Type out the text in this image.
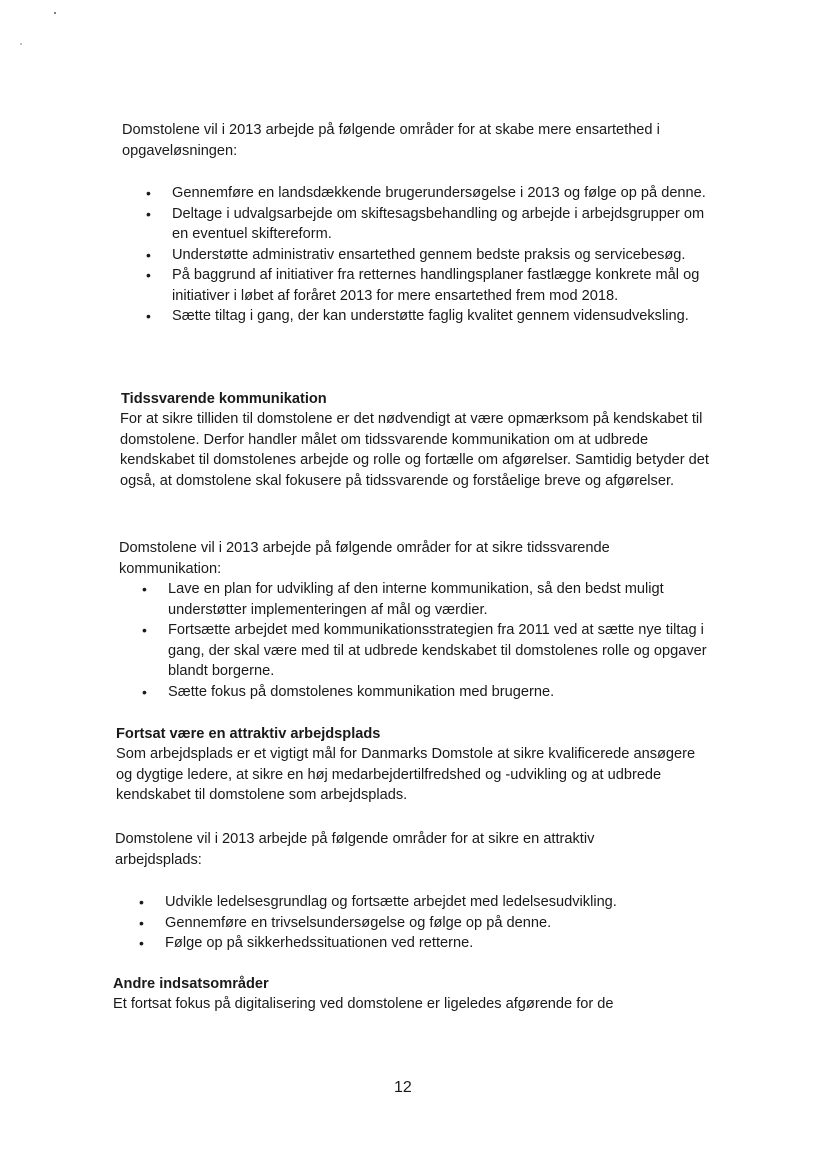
Domstolene vil i 2013 arbejde på følgende områder for at skabe mere ensartethed i opgaveløsningen:

• Gennemføre en landsdækkende brugerundersøgelse i 2013 og følge op på denne.
• Deltage i udvalgsarbejde om skiftesagsbehandling og arbejde i arbejdsgrupper om en eventuel skiftereform.
• Understøtte administrativ ensartethed gennem bedste praksis og servicebesøg.
• På baggrund af initiativer fra retternes handlingsplaner fastlægge konkrete mål og initiativer i løbet af foråret 2013 for mere ensartethed frem mod 2018.
• Sætte tiltag i gang, der kan understøtte faglig kvalitet gennem vidensudveksling.
Tidssvarende kommunikation

For at sikre tilliden til domstolene er det nødvendigt at være opmærksom på kendskabet til domstolene. Derfor handler målet om tidssvarende kommunikation om at udbrede kendskabet til domstolenes arbejde og rolle og fortælle om afgørelser. Samtidig betyder det også, at domstolene skal fokusere på tidssvarende og forståelige breve og afgørelser.

Domstolene vil i 2013 arbejde på følgende områder for at sikre tidssvarende kommunikation:

• Lave en plan for udvikling af den interne kommunikation, så den bedst muligt understøtter implementeringen af mål og værdier.
• Fortsætte arbejdet med kommunikationsstrategien fra 2011 ved at sætte nye tiltag i gang, der skal være med til at udbrede kendskabet til domstolenes rolle og opgaver blandt borgerne.
• Sætte fokus på domstolenes kommunikation med brugerne.
Fortsat være en attraktiv arbejdsplads

Som arbejdsplads er et vigtigt mål for Danmarks Domstole at sikre kvalificerede ansøgere og dygtige ledere, at sikre en høj medarbejdertilfredshed og -udvikling og at udbrede kendskabet til domstolene som arbejdsplads.

Domstolene vil i 2013 arbejde på følgende områder for at sikre en attraktiv arbejdsplads:

• Udvikle ledelsesgrundlag og fortsætte arbejdet med ledelsesudvikling.
• Gennemføre en trivselsundersøgelse og følge op på denne.
• Følge op på sikkerhedssituationen ved retterne.
Andre indsatsområder

Et fortsat fokus på digitalisering ved domstolene er ligeledes afgørende for de

12
